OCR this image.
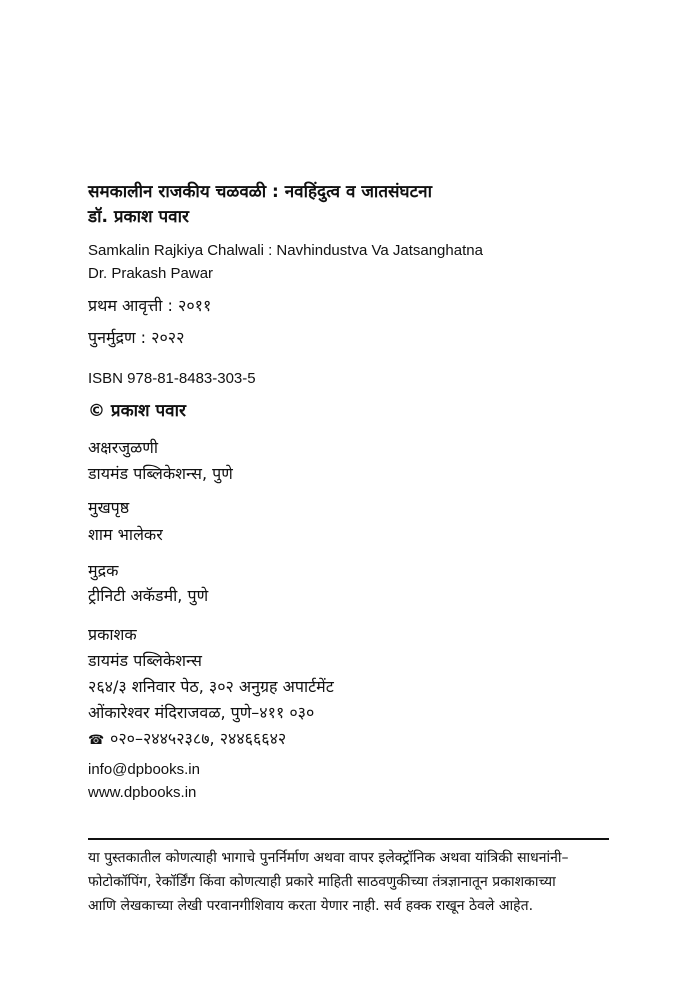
समकालीन राजकीय चळवळी : नवहिंदुत्व व जातसंघटना
डॉ. प्रकाश पवार
Samkalin Rajkiya Chalwali : Navhindustva Va Jatsanghatna
Dr. Prakash Pawar
प्रथम आवृत्ती : २०११
पुनर्मुद्रण : २०२२
ISBN 978-81-8483-303-5
© प्रकाश पवार
अक्षरजुळणी
डायमंड पब्लिकेशन्स, पुणे
मुखपृष्ठ
शाम भालेकर
मुद्रक
ट्रीनिटी अकॅडमी, पुणे
प्रकाशक
डायमंड पब्लिकेशन्स
२६४/३ शनिवार पेठ, ३०२ अनुग्रह अपार्टमेंट
ओंकारेश्वर मंदिराजवळ, पुणे–४११ ०३०
☎ ०२०–२४४५२३८७, २४४६६६४२
info@dpbooks.in
www.dpbooks.in
या पुस्तकातील कोणत्याही भागाचे पुनर्निर्माण अथवा वापर इलेक्ट्रॉनिक अथवा यांत्रिकी साधनांनी–
फोटोकॉपिंग, रेकॉर्डिंग किंवा कोणत्याही प्रकारे माहिती साठवणुकीच्या तंत्रज्ञानातून प्रकाशकाच्या
आणि लेखकाच्या लेखी परवानगीशिवाय करता येणार नाही. सर्व हक्क राखून ठेवले आहेत.
